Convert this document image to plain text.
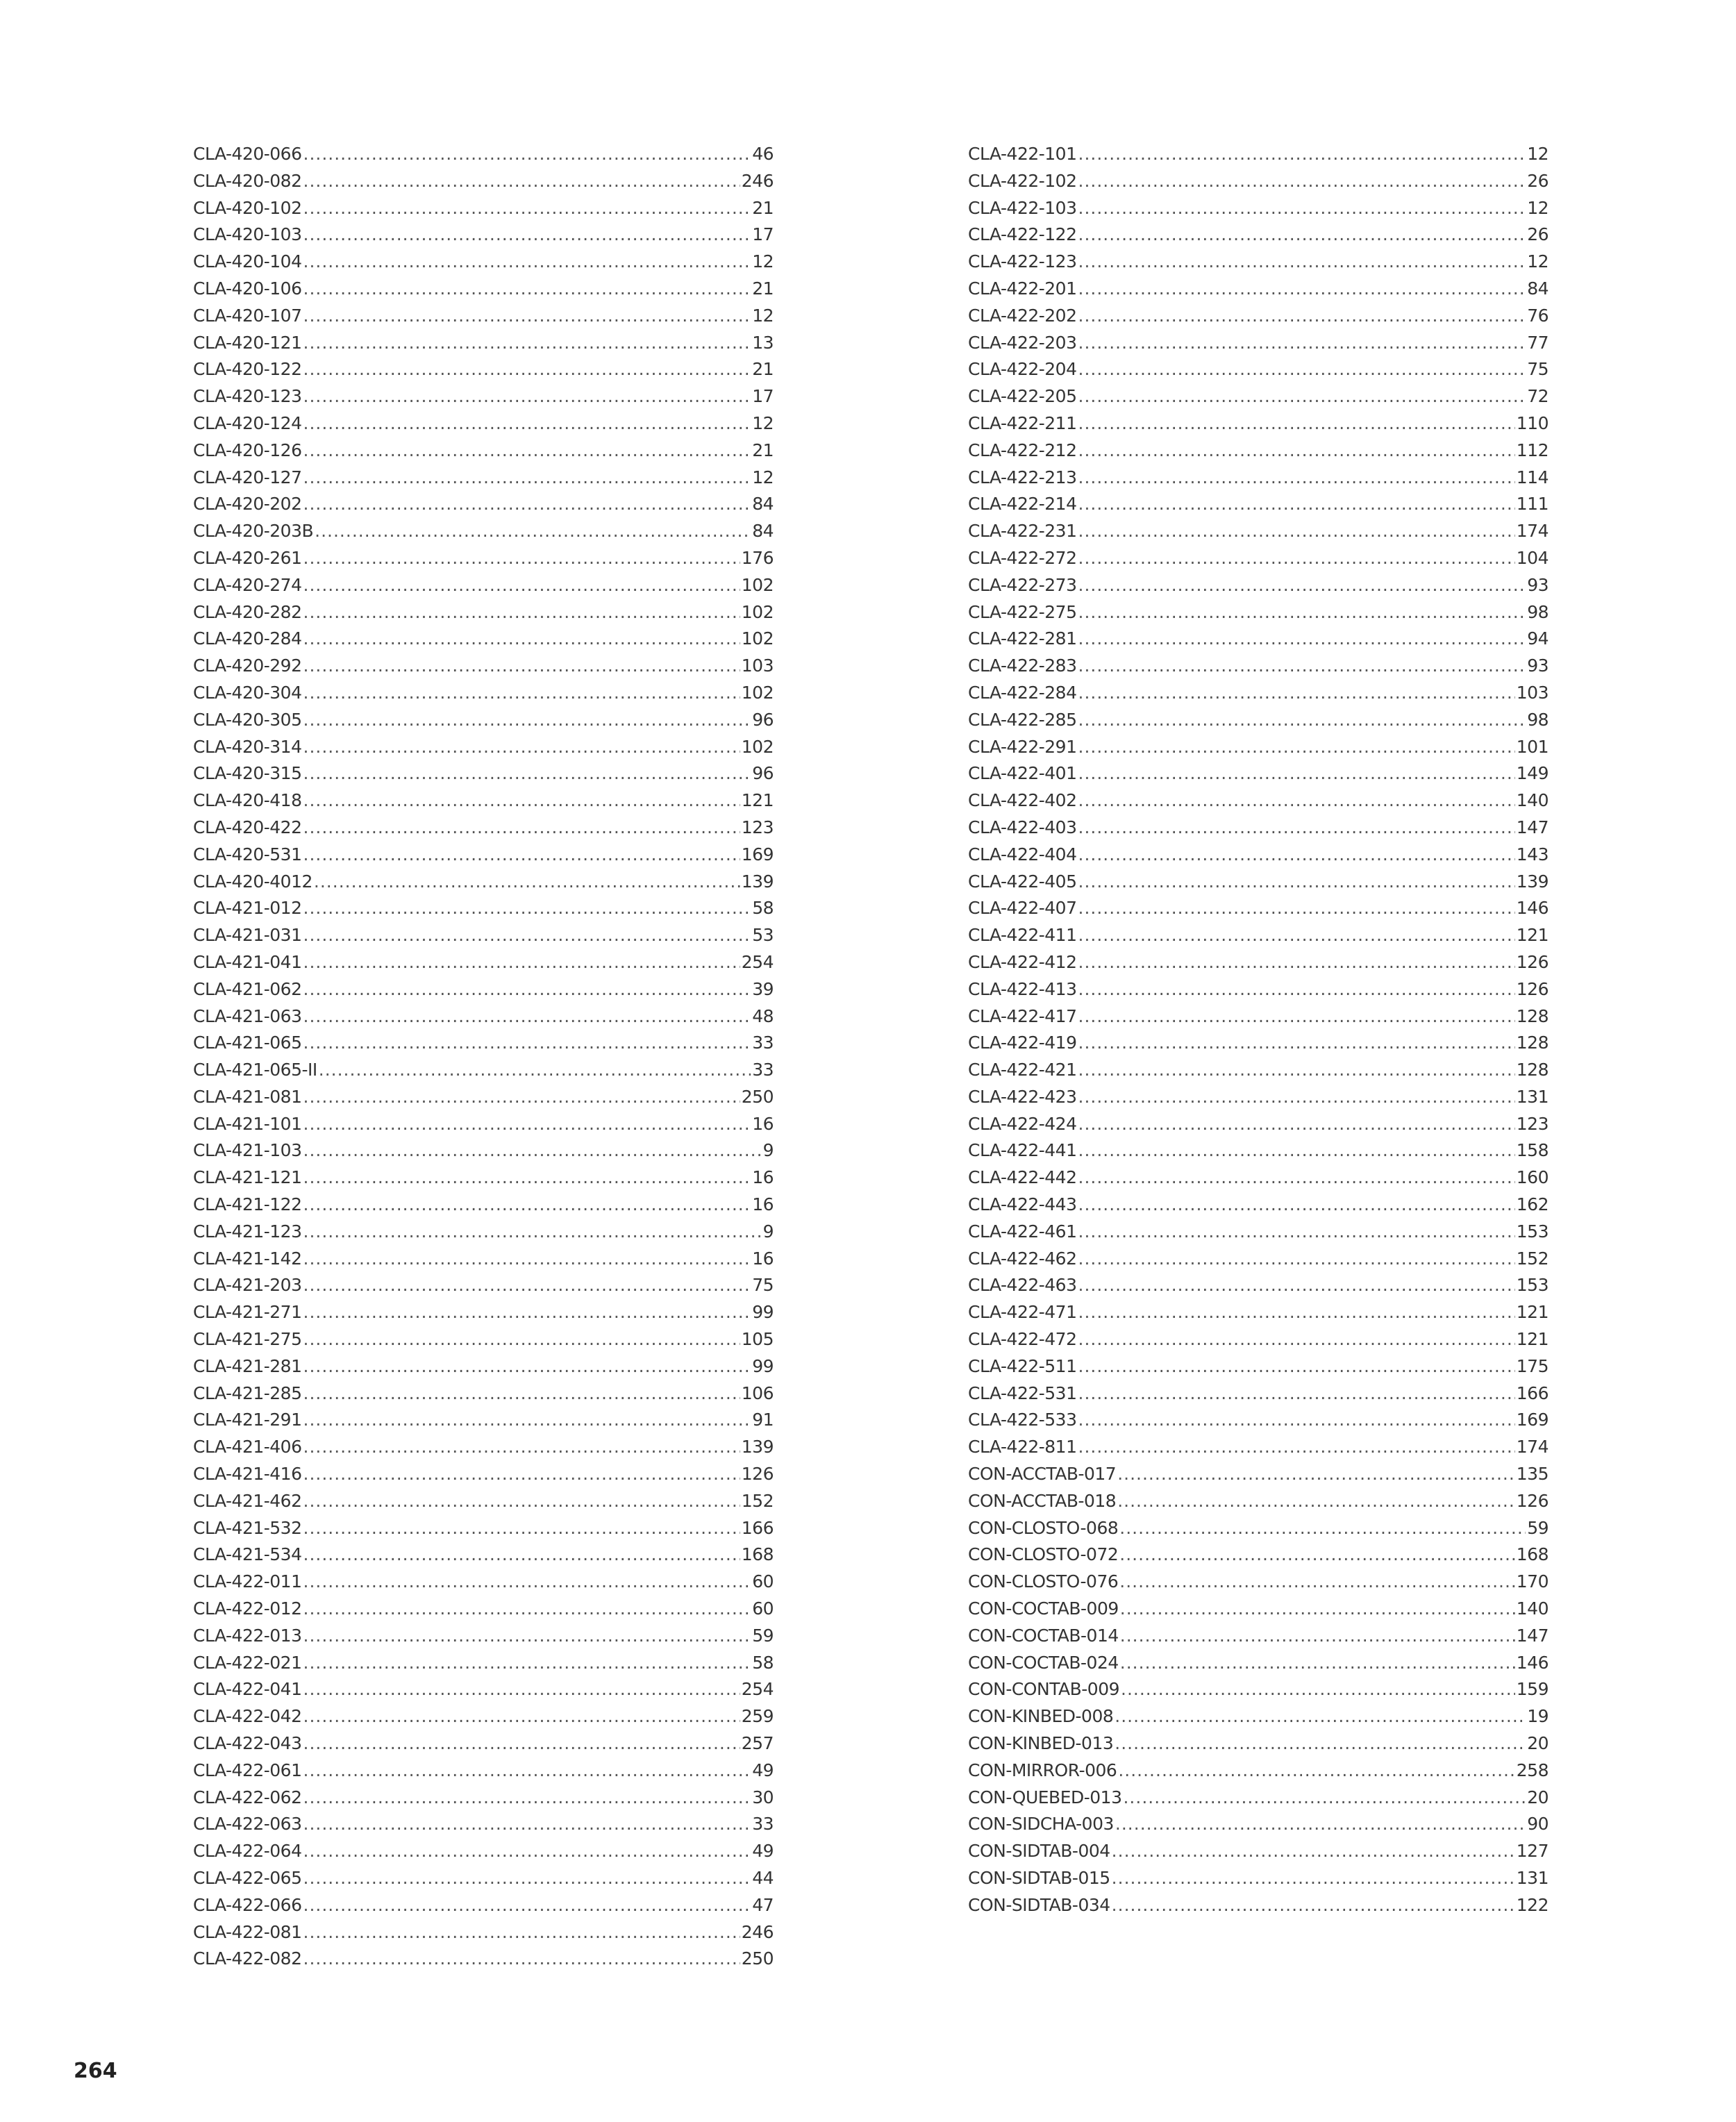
CLA-420-066 .....	46
CLA-420-082 .....	246
CLA-420-102 .....	21
CLA-420-103 .....	17
CLA-420-104 .....	12
CLA-420-106 .....	21
CLA-420-107 .....	12
CLA-420-121 .....	13
CLA-420-122 .....	21
CLA-420-123 .....	17
CLA-420-124 .....	12
CLA-420-126 .....	21
CLA-420-127 .....	12
CLA-420-202 .....	84
CLA-420-203B .....	84
CLA-420-261 .....	176
CLA-420-274 .....	102
CLA-420-282 .....	102
CLA-420-284 .....	102
CLA-420-292 .....	103
CLA-420-304 .....	102
CLA-420-305 .....	96
CLA-420-314 .....	102
CLA-420-315 .....	96
CLA-420-418 .....	121
CLA-420-422 .....	123
CLA-420-531 .....	169
CLA-420-4012 .....	139
CLA-421-012 .....	58
CLA-421-031 .....	53
CLA-421-041 .....	254
CLA-421-062 .....	39
CLA-421-063 .....	48
CLA-421-065 .....	33
CLA-421-065-II .....	33
CLA-421-081 .....	250
CLA-421-101 .....	16
CLA-421-103 .....	9
CLA-421-121 .....	16
CLA-421-122 .....	16
CLA-421-123 .....	9
CLA-421-142 .....	16
CLA-421-203 .....	75
CLA-421-271 .....	99
CLA-421-275 .....	105
CLA-421-281 .....	99
CLA-421-285 .....	106
CLA-421-291 .....	91
CLA-421-406 .....	139
CLA-421-416 .....	126
CLA-421-462 .....	152
CLA-421-532 .....	166
CLA-421-534 .....	168
CLA-422-011 .....	60
CLA-422-012 .....	60
CLA-422-013 .....	59
CLA-422-021 .....	58
CLA-422-041 .....	254
CLA-422-042 .....	259
CLA-422-043 .....	257
CLA-422-061 .....	49
CLA-422-062 .....	30
CLA-422-063 .....	33
CLA-422-064 .....	49
CLA-422-065 .....	44
CLA-422-066 .....	47
CLA-422-081 .....	246
CLA-422-082 .....	250
CLA-422-101 .....	12
CLA-422-102 .....	26
CLA-422-103 .....	12
CLA-422-122 .....	26
CLA-422-123 .....	12
CLA-422-201 .....	84
CLA-422-202 .....	76
CLA-422-203 .....	77
CLA-422-204 .....	75
CLA-422-205 .....	72
CLA-422-211 .....	110
CLA-422-212 .....	112
CLA-422-213 .....	114
CLA-422-214 .....	111
CLA-422-231 .....	174
CLA-422-272 .....	104
CLA-422-273 .....	93
CLA-422-275 .....	98
CLA-422-281 .....	94
CLA-422-283 .....	93
CLA-422-284 .....	103
CLA-422-285 .....	98
CLA-422-291 .....	101
CLA-422-401 .....	149
CLA-422-402 .....	140
CLA-422-403 .....	147
CLA-422-404 .....	143
CLA-422-405 .....	139
CLA-422-407 .....	146
CLA-422-411 .....	121
CLA-422-412 .....	126
CLA-422-413 .....	126
CLA-422-417 .....	128
CLA-422-419 .....	128
CLA-422-421 .....	128
CLA-422-423 .....	131
CLA-422-424 .....	123
CLA-422-441 .....	158
CLA-422-442 .....	160
CLA-422-443 .....	162
CLA-422-461 .....	153
CLA-422-462 .....	152
CLA-422-463 .....	153
CLA-422-471 .....	121
CLA-422-472 .....	121
CLA-422-511 .....	175
CLA-422-531 .....	166
CLA-422-533 .....	169
CLA-422-811 .....	174
CON-ACCTAB-017 .....	135
CON-ACCTAB-018 .....	126
CON-CLOSTO-068 .....	59
CON-CLOSTO-072 .....	168
CON-CLOSTO-076 .....	170
CON-COCTAB-009 .....	140
CON-COCTAB-014 .....	147
CON-COCTAB-024 .....	146
CON-CONTAB-009 .....	159
CON-KINBED-008 .....	19
CON-KINBED-013 .....	20
CON-MIRROR-006 .....	258
CON-QUEBED-013 .....	20
CON-SIDCHA-003 .....	90
CON-SIDTAB-004 .....	127
CON-SIDTAB-015 .....	131
CON-SIDTAB-034 .....	122
264
